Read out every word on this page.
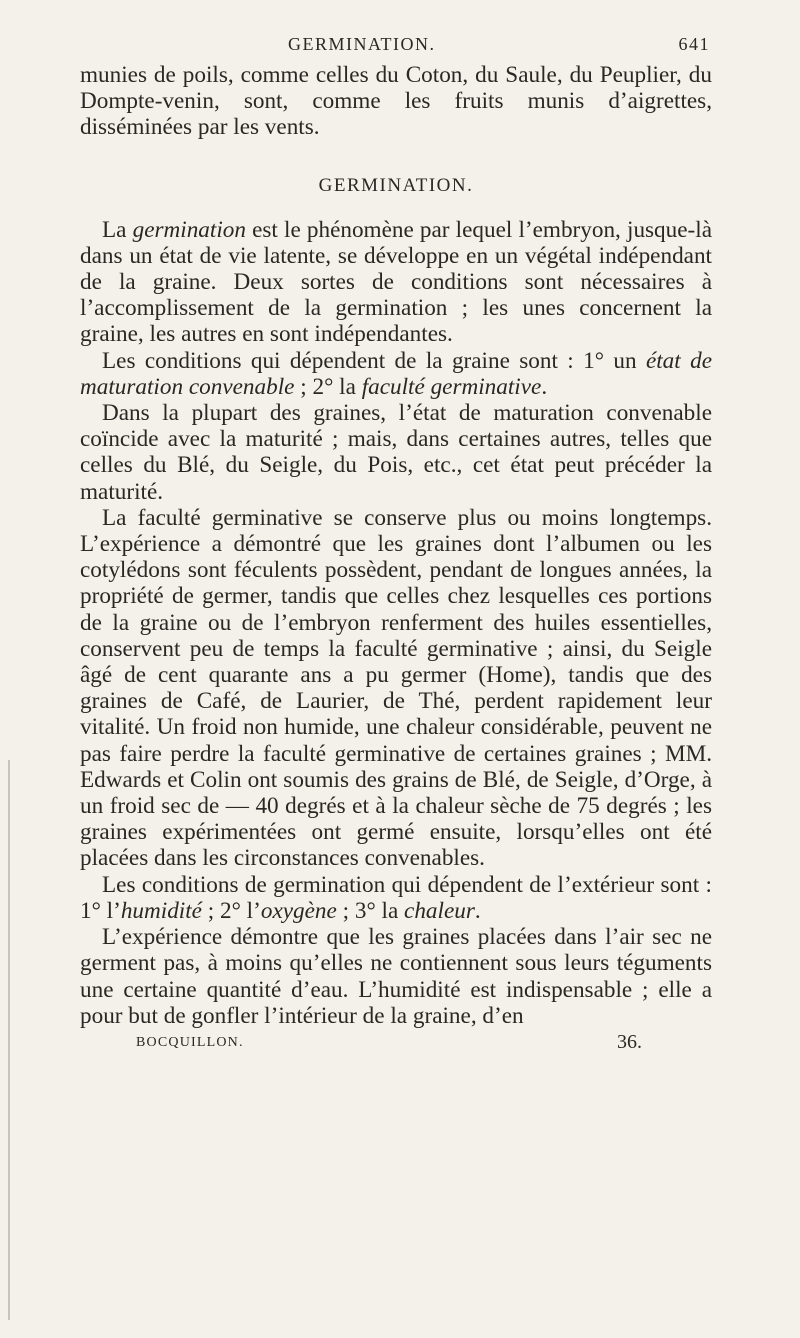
GERMINATION.	641

munies de poils, comme celles du Coton, du Saule, du Peuplier, du Dompte-venin, sont, comme les fruits munis d’aigrettes, disséminées par les vents.

GERMINATION.

La germination est le phénomène par lequel l’embryon, jusque-là dans un état de vie latente, se développe en un végétal indépendant de la graine. Deux sortes de conditions sont nécessaires à l’accomplissement de la germination ; les unes concernent la graine, les autres en sont indépendantes.

Les conditions qui dépendent de la graine sont : 1° un état de maturation convenable ; 2° la faculté germinative.

Dans la plupart des graines, l’état de maturation convenable coïncide avec la maturité ; mais, dans certaines autres, telles que celles du Blé, du Seigle, du Pois, etc., cet état peut précéder la maturité.

La faculté germinative se conserve plus ou moins longtemps. L’expérience a démontré que les graines dont l’albumen ou les cotylédons sont féculents possèdent, pendant de longues années, la propriété de germer, tandis que celles chez lesquelles ces portions de la graine ou de l’embryon renferment des huiles essentielles, conservent peu de temps la faculté germinative ; ainsi, du Seigle âgé de cent quarante ans a pu germer (Home), tandis que des graines de Café, de Laurier, de Thé, perdent rapidement leur vitalité. Un froid non humide, une chaleur considérable, peuvent ne pas faire perdre la faculté germinative de certaines graines ; MM. Edwards et Colin ont soumis des grains de Blé, de Seigle, d’Orge, à un froid sec de — 40 degrés et à la chaleur sèche de 75 degrés ; les graines expérimentées ont germé ensuite, lorsqu’elles ont été placées dans les circonstances convenables.

Les conditions de germination qui dépendent de l’extérieur sont : 1° l’humidité ; 2° l’oxygène ; 3° la chaleur.

L’expérience démontre que les graines placées dans l’air sec ne germent pas, à moins qu’elles ne contiennent sous leurs téguments une certaine quantité d’eau. L’humidité est indispensable ; elle a pour but de gonfler l’intérieur de la graine, d’en

BOCQUILLON.	36.
